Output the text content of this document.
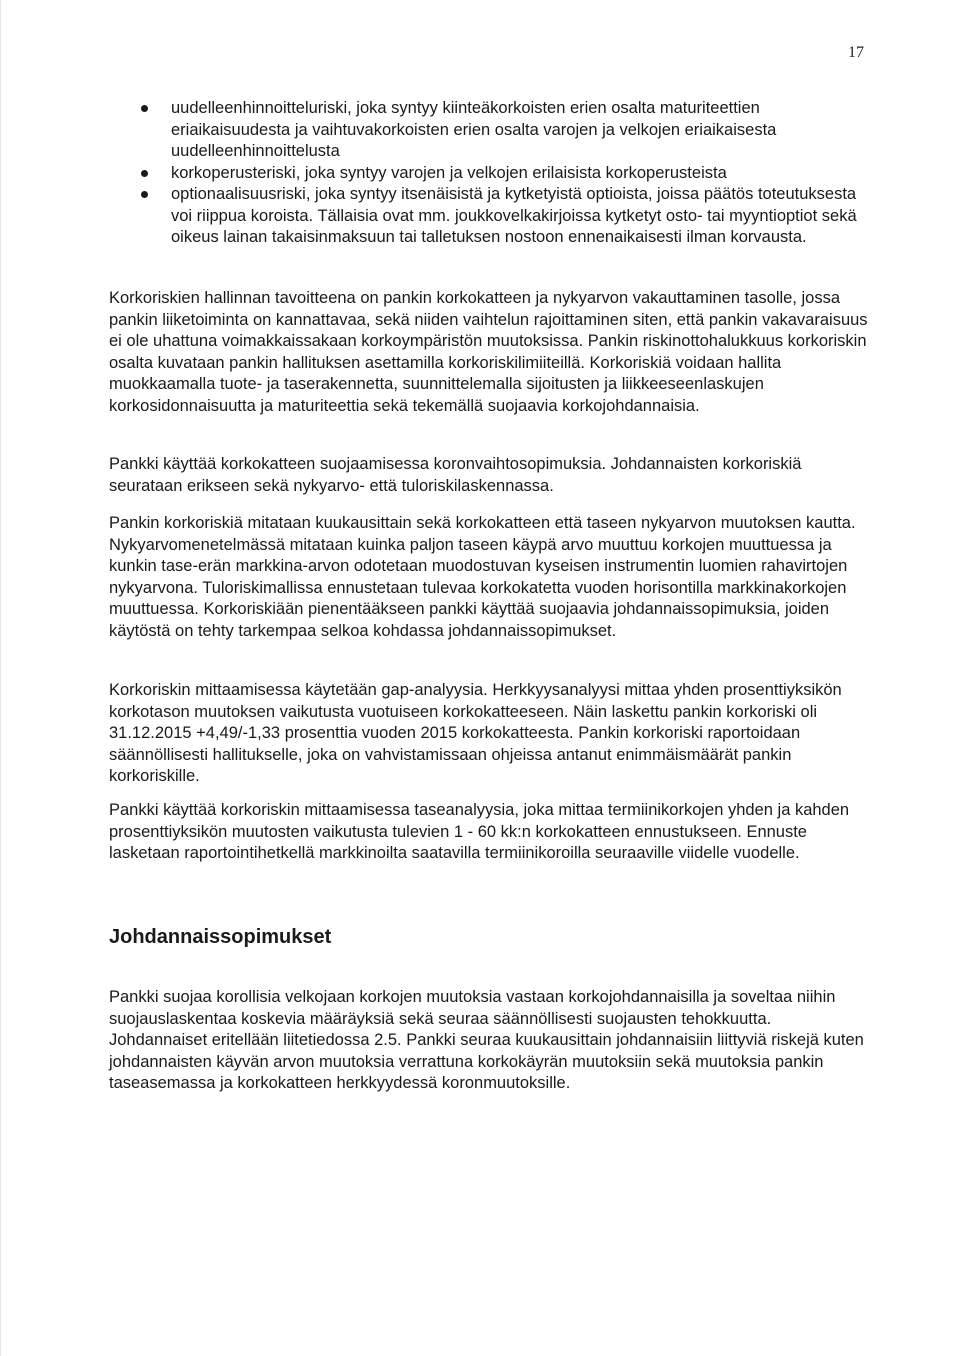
17
uudelleenhinnoitteluriski, joka syntyy kiinteäkorkoisten erien osalta maturiteettien eriaikaisuudesta ja vaihtuvakorkoisten erien osalta varojen ja velkojen eriaikaisesta uudelleenhinnoittelusta
korkoperusteriski, joka syntyy varojen ja velkojen erilaisista korkoperusteista
optionaalisuusriski, joka syntyy itsenäisistä ja kytketyistä optioista, joissa päätös toteutuksesta voi riippua koroista. Tällaisia ovat mm. joukkovelkakirjoissa kytketyt osto- tai myyntioptiot sekä oikeus lainan takaisinmaksuun tai talletuksen nostoon ennenaikaisesti ilman korvausta.

Korkoriskien hallinnan tavoitteena on pankin korkokatteen ja nykyarvon vakauttaminen tasolle, jossa pankin liiketoiminta on kannattavaa, sekä niiden vaihtelun rajoittaminen siten, että pankin vakavaraisuus ei ole uhattuna voimakkaissakaan korkoympäristön muutoksissa. Pankin riskinottohalukkuus korkoriskin osalta kuvataan pankin hallituksen asettamilla korkoriskilimiiteillä. Korkoriskiä voidaan hallita muokkaamalla tuote- ja taserakennetta, suunnittelemalla sijoitusten ja liikkeeseenlaskujen korkosidonnaisuutta ja maturiteettia sekä tekemällä suojaavia korkojohdannaisia.

Pankki käyttää korkokatteen suojaamisessa koronvaihtosopimuksia. Johdannaisten korkoriskiä seurataan erikseen sekä nykyarvo- että tuloriskilaskennassa.

Pankin korkoriskiä mitataan kuukausittain sekä korkokatteen että taseen nykyarvon muutoksen kautta. Nykyarvomenetelmässä mitataan kuinka paljon taseen käypä arvo muuttuu korkojen muuttuessa ja kunkin tase-erän markkina-arvon odotetaan muodostuvan kyseisen instrumentin luomien rahavirtojen nykyarvona. Tuloriskimallissa ennustetaan tulevaa korkokatetta vuoden horisontilla markkinakorkojen muuttuessa. Korkoriskiään pienentääkseen pankki käyttää suojaavia johdannaissopimuksia, joiden käytöstä on tehty tarkempaa selkoa kohdassa johdannaissopimukset.

Korkoriskin mittaamisessa käytetään gap-analyysia. Herkkyysanalyysi mittaa yhden prosenttiyksikön korkotason muutoksen vaikutusta vuotuiseen korkokatteeseen. Näin laskettu pankin korkoriski oli 31.12.2015 +4,49/-1,33 prosenttia vuoden 2015 korkokatteesta. Pankin korkoriski raportoidaan säännöllisesti hallitukselle, joka on vahvistamissaan ohjeissa antanut enimmäismäärät pankin korkoriskille.

Pankki käyttää korkoriskin mittaamisessa taseanalyysia, joka mittaa termiinikorkojen yhden ja kahden prosenttiyksikön muutosten vaikutusta tulevien 1 - 60 kk:n korkokatteen ennustukseen. Ennuste lasketaan raportointihetkellä markkinoilta saatavilla termiinikoroilla seuraaville viidelle vuodelle.

Johdannaissopimukset

Pankki suojaa korollisia velkojaan korkojen muutoksia vastaan korkojohdannaisilla ja soveltaa niihin suojauslaskentaa koskevia määräyksiä sekä seuraa säännöllisesti suojausten tehokkuutta. Johdannaiset eritellään liitetiedossa 2.5. Pankki seuraa kuukausittain johdannaisiin liittyviä riskejä kuten johdannaisten käyvän arvon muutoksia verrattuna korkokäyrän muutoksiin sekä muutoksia pankin taseasemassa ja korkokatteen herkkyydessä koronmuutoksille.
